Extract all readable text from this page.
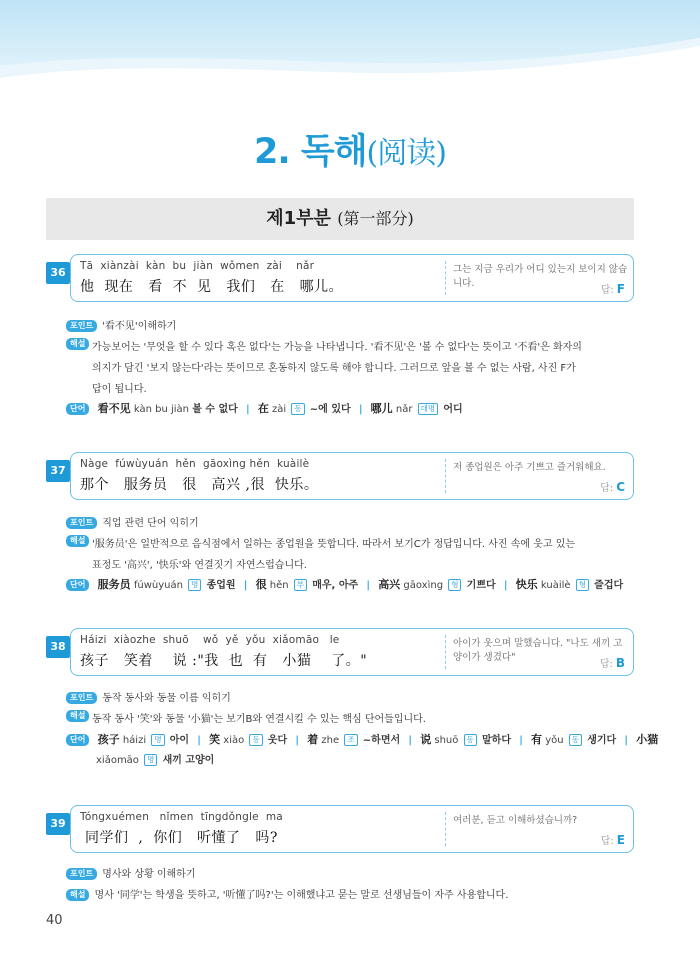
2. 독해(阅读)
제1부분 (第一部分)
36	Tā  xiànzài  kàn  bu  jiàn  wǒmen  zài    nǎr
他  现在   看  不  见   我们   在   哪儿。
그는 지금 우리가 어디 있는지 보이지 않습니다.
답: F
포인트 '看不见'이해하기
해설 가능보어는 '무엇을 할 수 있다 혹은 없다'는 가능을 나타냅니다. '看不见'은 '볼 수 없다'는 뜻이고 '不看'은 화자의
의지가 담긴 '보지 않는다'라는 뜻이므로 혼동하지 않도록 해야 합니다. 그러므로 앞을 볼 수 없는 사람, 사진 F가
답이 됩니다.
단어 看不见 kàn bu jiàn 볼 수 없다 | 在 zài 동 ~에 있다 | 哪儿 nǎr 대명 어디
37	Nàge  fúwùyuán  hěn  gāoxìng hěn  kuàilè
那个   服务员   很   高兴 ,很  快乐。
저 종업원은 아주 기쁘고 즐거워해요.
답: C
포인트 직업 관련 단어 익히기
해설 '服务员'은 일반적으로 음식점에서 일하는 종업원을 뜻합니다. 따라서 보기C가 정답입니다. 사진 속에 웃고 있는
표정도 '高兴', '快乐'와 연결짓기 자연스럽습니다.
단어 服务员 fúwùyuán 명 종업원 | 很 hěn 부 매우, 아주 | 高兴 gāoxìng 형 기쁘다 | 快乐 kuàilè 형 즐겁다
38	Háizi  xiàozhe  shuō    wǒ  yě  yǒu  xiǎomāo   le
孩子   笑着    说 :"我  也  有   小猫    了。"
아이가 웃으며 말했습니다. "나도 새끼 고양이가 생겼다"
답: B
포인트 동작 동사와 동물 이름 익히기
해설 동작 동사 '笑'와 동물 '小猫'는 보기B와 연결시킬 수 있는 핵심 단어들입니다.
단어 孩子 háizi 명 아이 | 笑 xiào 동 웃다 | 着 zhe 조 ~하면서 | 说 shuō 동 말하다 | 有 yǒu 동 생기다 | 小猫
xiǎomāo 명 새끼 고양이
39	Tóngxuémen   nǐmen  tīngdǒngle  ma
同学们  ,  你们   听懂了   吗?
여러분, 듣고 이해하셨습니까?
답: E
포인트 명사와 상황 이해하기
해설 명사 '同学'는 학생을 뜻하고, '听懂了吗?'는 이해했냐고 묻는 말로 선생님들이 자주 사용합니다.
40
